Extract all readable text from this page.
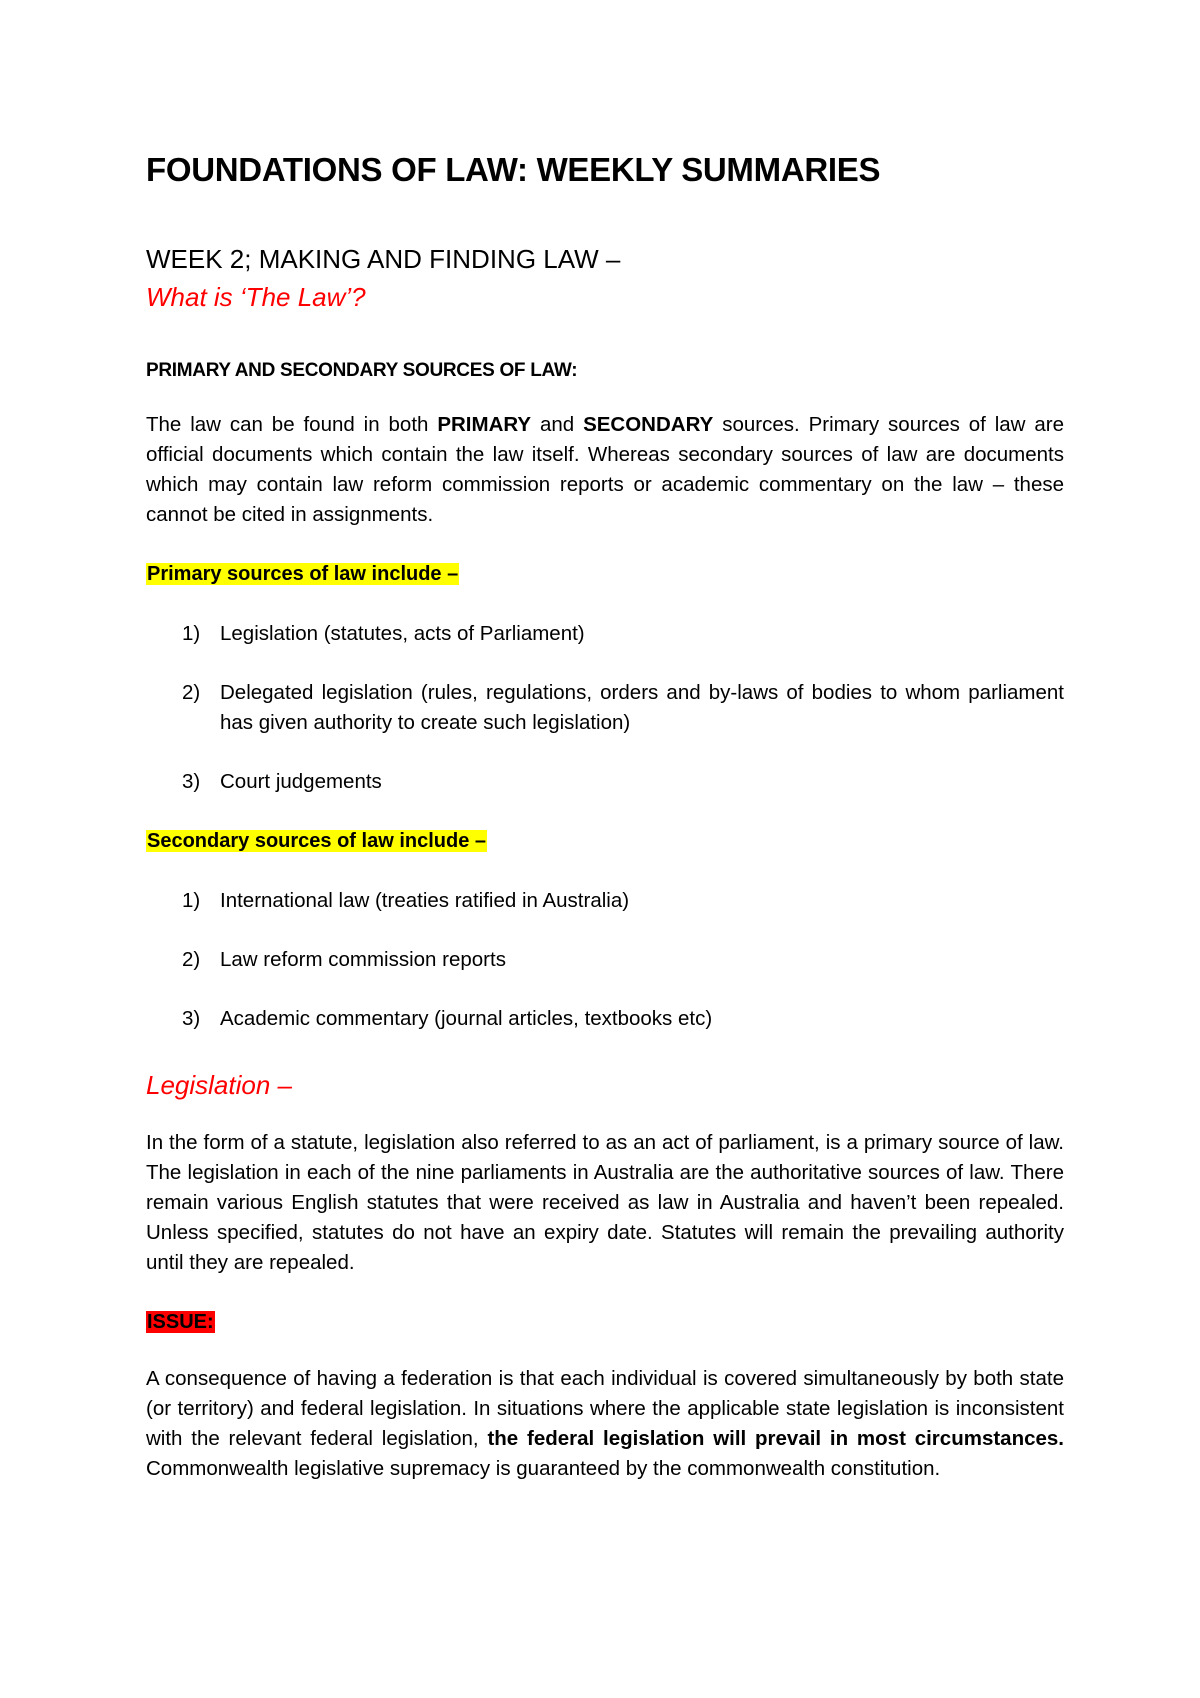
FOUNDATIONS OF LAW: WEEKLY SUMMARIES
WEEK 2; MAKING AND FINDING LAW –
What is ‘The Law’?
PRIMARY AND SECONDARY SOURCES OF LAW:

The law can be found in both PRIMARY and SECONDARY sources. Primary sources of law are official documents which contain the law itself. Whereas secondary sources of law are documents which may contain law reform commission reports or academic commentary on the law – these cannot be cited in assignments.

Primary sources of law include –
1) Legislation (statutes, acts of Parliament)
2) Delegated legislation (rules, regulations, orders and by-laws of bodies to whom parliament has given authority to create such legislation)
3) Court judgements
Secondary sources of law include –
1) International law (treaties ratified in Australia)
2) Law reform commission reports
3) Academic commentary (journal articles, textbooks etc)
Legislation –

In the form of a statute, legislation also referred to as an act of parliament, is a primary source of law. The legislation in each of the nine parliaments in Australia are the authoritative sources of law. There remain various English statutes that were received as law in Australia and haven’t been repealed. Unless specified, statutes do not have an expiry date. Statutes will remain the prevailing authority until they are repealed.

ISSUE:

A consequence of having a federation is that each individual is covered simultaneously by both state (or territory) and federal legislation. In situations where the applicable state legislation is inconsistent with the relevant federal legislation, the federal legislation will prevail in most circumstances. Commonwealth legislative supremacy is guaranteed by the commonwealth constitution.
